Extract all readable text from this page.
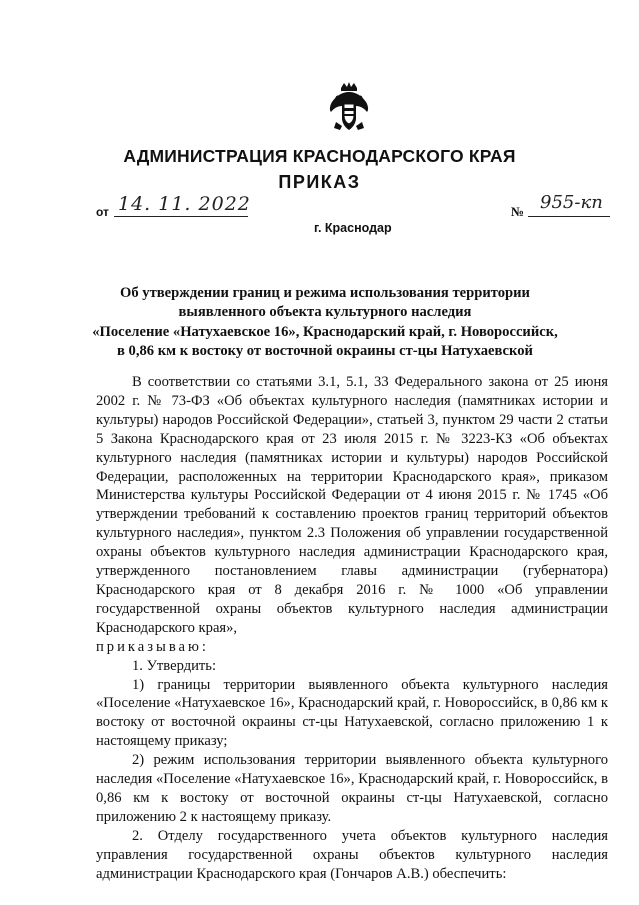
АДМИНИСТРАЦИЯ КРАСНОДАРСКОГО КРАЯ
ПРИКАЗ
от 14. 11. 2022
г. Краснодар
№ 955-кп
Об утверждении границ и режима использования территории
выявленного объекта культурного наследия
«Поселение «Натухаевское 16», Краснодарский край, г. Новороссийск,
в 0,86 км к востоку от восточной окраины ст-цы Натухаевской

В соответствии со статьями 3.1, 5.1, 33 Федерального закона от 25 июня 2002 г. № 73-ФЗ «Об объектах культурного наследия (памятниках истории и культуры) народов Российской Федерации», статьей 3, пунктом 29 части 2 статьи 5 Закона Краснодарского края от 23 июля 2015 г. № 3223-КЗ «Об объектах культурного наследия (памятниках истории и культуры) народов Российской Федерации, расположенных на территории Краснодарского края», приказом Министерства культуры Российской Федерации от 4 июня 2015 г. № 1745 «Об утверждении требований к составлению проектов границ территорий объектов культурного наследия», пунктом 2.3 Положения об управлении государственной охраны объектов культурного наследия администрации Краснодарского края, утвержденного постановлением главы администрации (губернатора) Краснодарского края от 8 декабря 2016 г. № 1000 «Об управлении государственной охраны объектов культурного наследия администрации Краснодарского края»,

приказываю:

1. Утвердить:

1) границы территории выявленного объекта культурного наследия «Поселение «Натухаевское 16», Краснодарский край, г. Новороссийск, в 0,86 км к востоку от восточной окраины ст-цы Натухаевской, согласно приложению 1 к настоящему приказу;

2) режим использования территории выявленного объекта культурного наследия «Поселение «Натухаевское 16», Краснодарский край, г. Новороссийск, в 0,86 км к востоку от восточной окраины ст-цы Натухаевской, согласно приложению 2 к настоящему приказу.

2. Отделу государственного учета объектов культурного наследия управления государственной охраны объектов культурного наследия администрации Краснодарского края (Гончаров А.В.) обеспечить:
